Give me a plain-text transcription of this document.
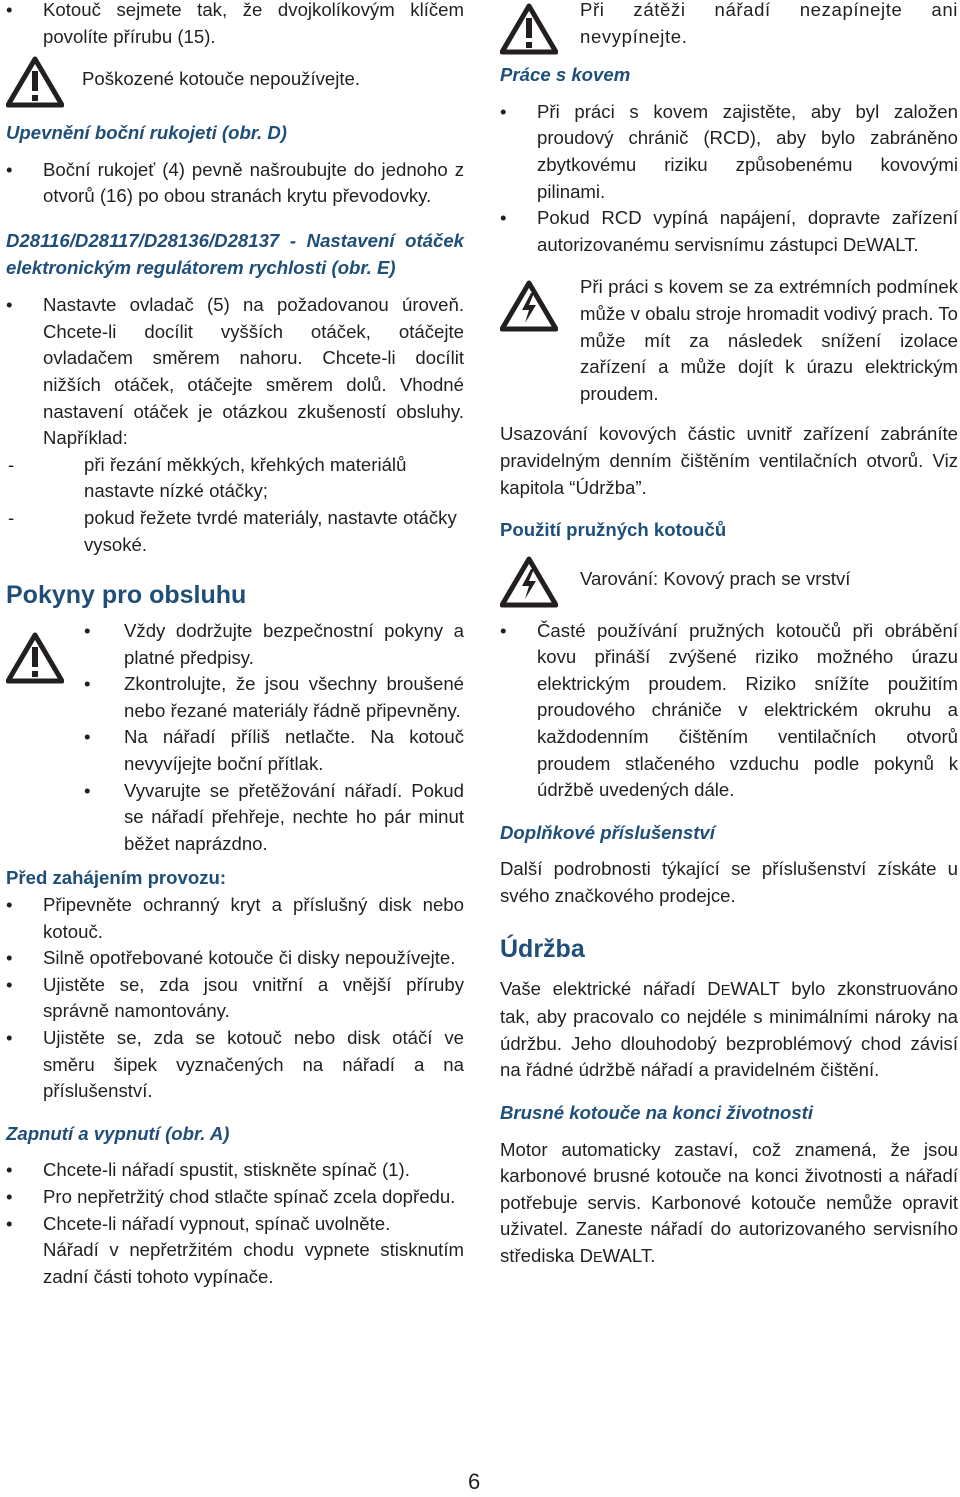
• Kotouč sejmete tak, že dvojkolíkovým klíčem povolíte přírubu (15).

Poškozené kotouče nepoužívejte.

Upevnění boční rukojeti (obr. D)

• Boční rukojeť (4) pevně našroubujte do jednoho z otvorů (16) po obou stranách krytu převodovky.

D28116/D28117/D28136/D28137 - Nastavení otáček elektronickým regulátorem rychlosti (obr. E)

• Nastavte ovladač (5) na požadovanou úroveň. Chcete-li docílit vyšších otáček, otáčejte ovladačem směrem nahoru. Chcete-li docílit nižších otáček, otáčejte směrem dolů. Vhodné nastavení otáček je otázkou zkušeností obsluhy. Například:

-	při řezání měkkých, křehkých materiálů nastavte nízké otáčky;

-	pokud řežete tvrdé materiály, nastavte otáčky vysoké.

Pokyny pro obsluhu

• Vždy dodržujte bezpečnostní pokyny a platné předpisy.

• Zkontrolujte, že jsou všechny broušené nebo řezané materiály řádně připevněny.

• Na nářadí příliš netlačte. Na kotouč nevyvíjejte boční přítlak.

• Vyvarujte se přetěžování nářadí. Pokud se nářadí přehřeje, nechte ho pár minut běžet naprázdno.

Před zahájením provozu:

• Připevněte ochranný kryt a příslušný disk nebo kotouč.

• Silně opotřebované kotouče či disky nepoužívejte.

• Ujistěte se, zda jsou vnitřní a vnější příruby správně namontovány.

• Ujistěte se, zda se kotouč nebo disk otáčí ve směru šipek vyznačených na nářadí a na příslušenství.

Zapnutí a vypnutí (obr. A)

• Chcete-li nářadí spustit, stiskněte spínač (1).

• Pro nepřetržitý chod stlačte spínač zcela dopředu.

• Chcete-li nářadí vypnout, spínač uvolněte.

Nářadí v nepřetržitém chodu vypnete stisknutím zadní části tohoto vypínače.

Při zátěži nářadí nezapínejte ani nevypínejte.

Práce s kovem

• Při práci s kovem zajistěte, aby byl založen proudový chránič (RCD), aby bylo zabráněno zbytkovému riziku způsobenému kovovými pilinami.

• Pokud RCD vypíná napájení, dopravte zařízení autorizovanému servisnímu zástupci DEWALT.

Při práci s kovem se za extrémních podmínek může v obalu stroje hromadit vodivý prach. To může mít za následek snížení izolace zařízení a může dojít k úrazu elektrickým proudem.

Usazování kovových částic uvnitř zařízení zabráníte pravidelným denním čištěním ventilačních otvorů. Viz kapitola “Údržba”.

Použití pružných kotoučů

Varování: Kovový prach se vrství

• Časté používání pružných kotoučů při obrábění kovu přináší zvýšené riziko možného úrazu elektrickým proudem. Riziko snížíte použitím proudového chrániče v elektrickém okruhu a každodenním čištěním ventilačních otvorů proudem stlačeného vzduchu podle pokynů k údržbě uvedených dále.

Doplňkové příslušenství

Další podrobnosti týkající se příslušenství získáte u svého značkového prodejce.

Údržba

Vaše elektrické nářadí DEWALT bylo zkonstruováno tak, aby pracovalo co nejdéle s minimálními nároky na údržbu. Jeho dlouhodobý bezproblémový chod závisí na řádné údržbě nářadí a pravidelném čištění.

Brusné kotouče na konci životnosti

Motor automaticky zastaví, což znamená, že jsou karbonové brusné kotouče na konci životnosti a nářadí potřebuje servis. Karbonové kotouče nemůže opravit uživatel. Zaneste nářadí do autorizovaného servisního střediska DEWALT.

6
